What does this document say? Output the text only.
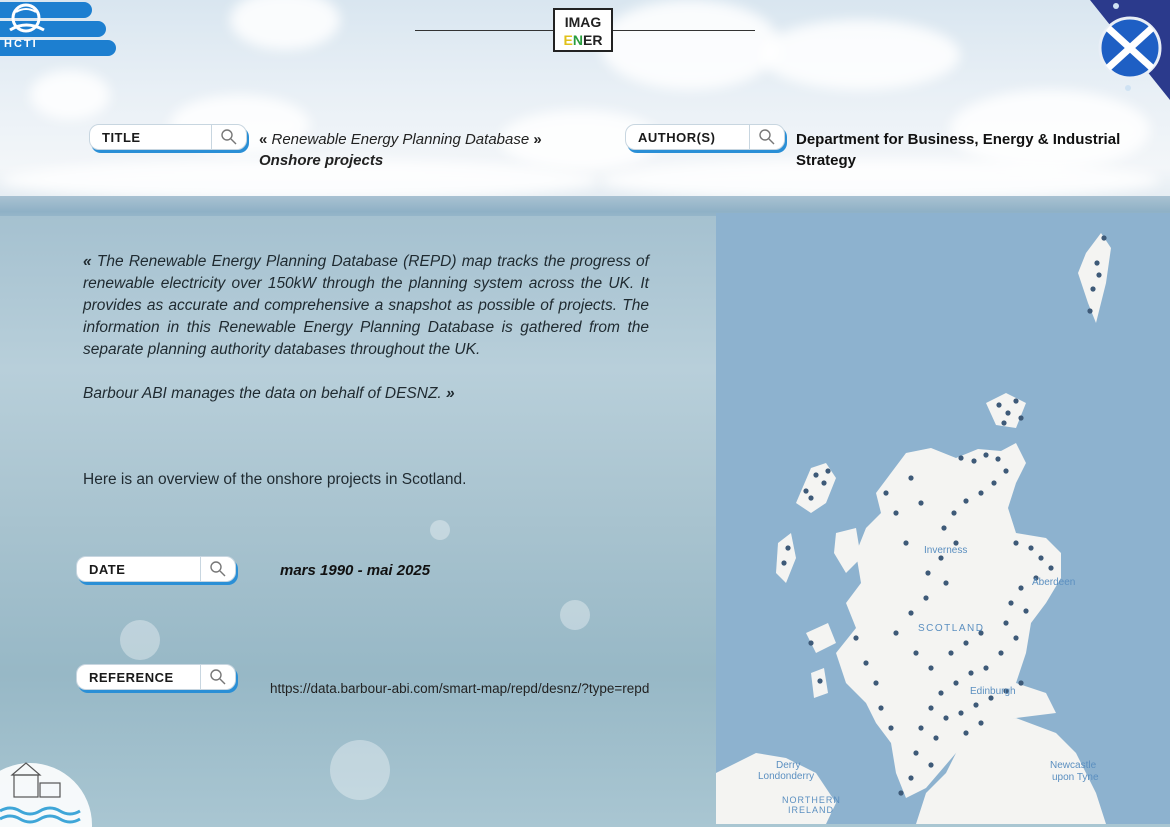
HCTI
IMAG
ENER
TITLE	« Renewable Energy Planning Database »
Onshore projects
AUTHOR(S)	Department for Business, Energy & Industrial Strategy

« The Renewable Energy Planning Database (REPD) map tracks the progress of renewable electricity over 150kW through the planning system across the UK. It provides as accurate and comprehensive a snapshot as possible of projects. The information in this Renewable Energy Planning Database is gathered from the separate planning authority databases throughout the UK.

Barbour ABI manages the data on behalf of DESNZ. »

Here is an overview of the onshore projects in Scotland.
DATE	mars 1990 - mai 2025
REFERENCE
https://data.barbour-abi.com/smart-map/repd/desnz/?type=repd
Inverness
Aberdeen
SCOTLAND
Edinburgh
Derry
Londonderry
NORTHERN
IRELAND
Newcastle
upon Tyne
